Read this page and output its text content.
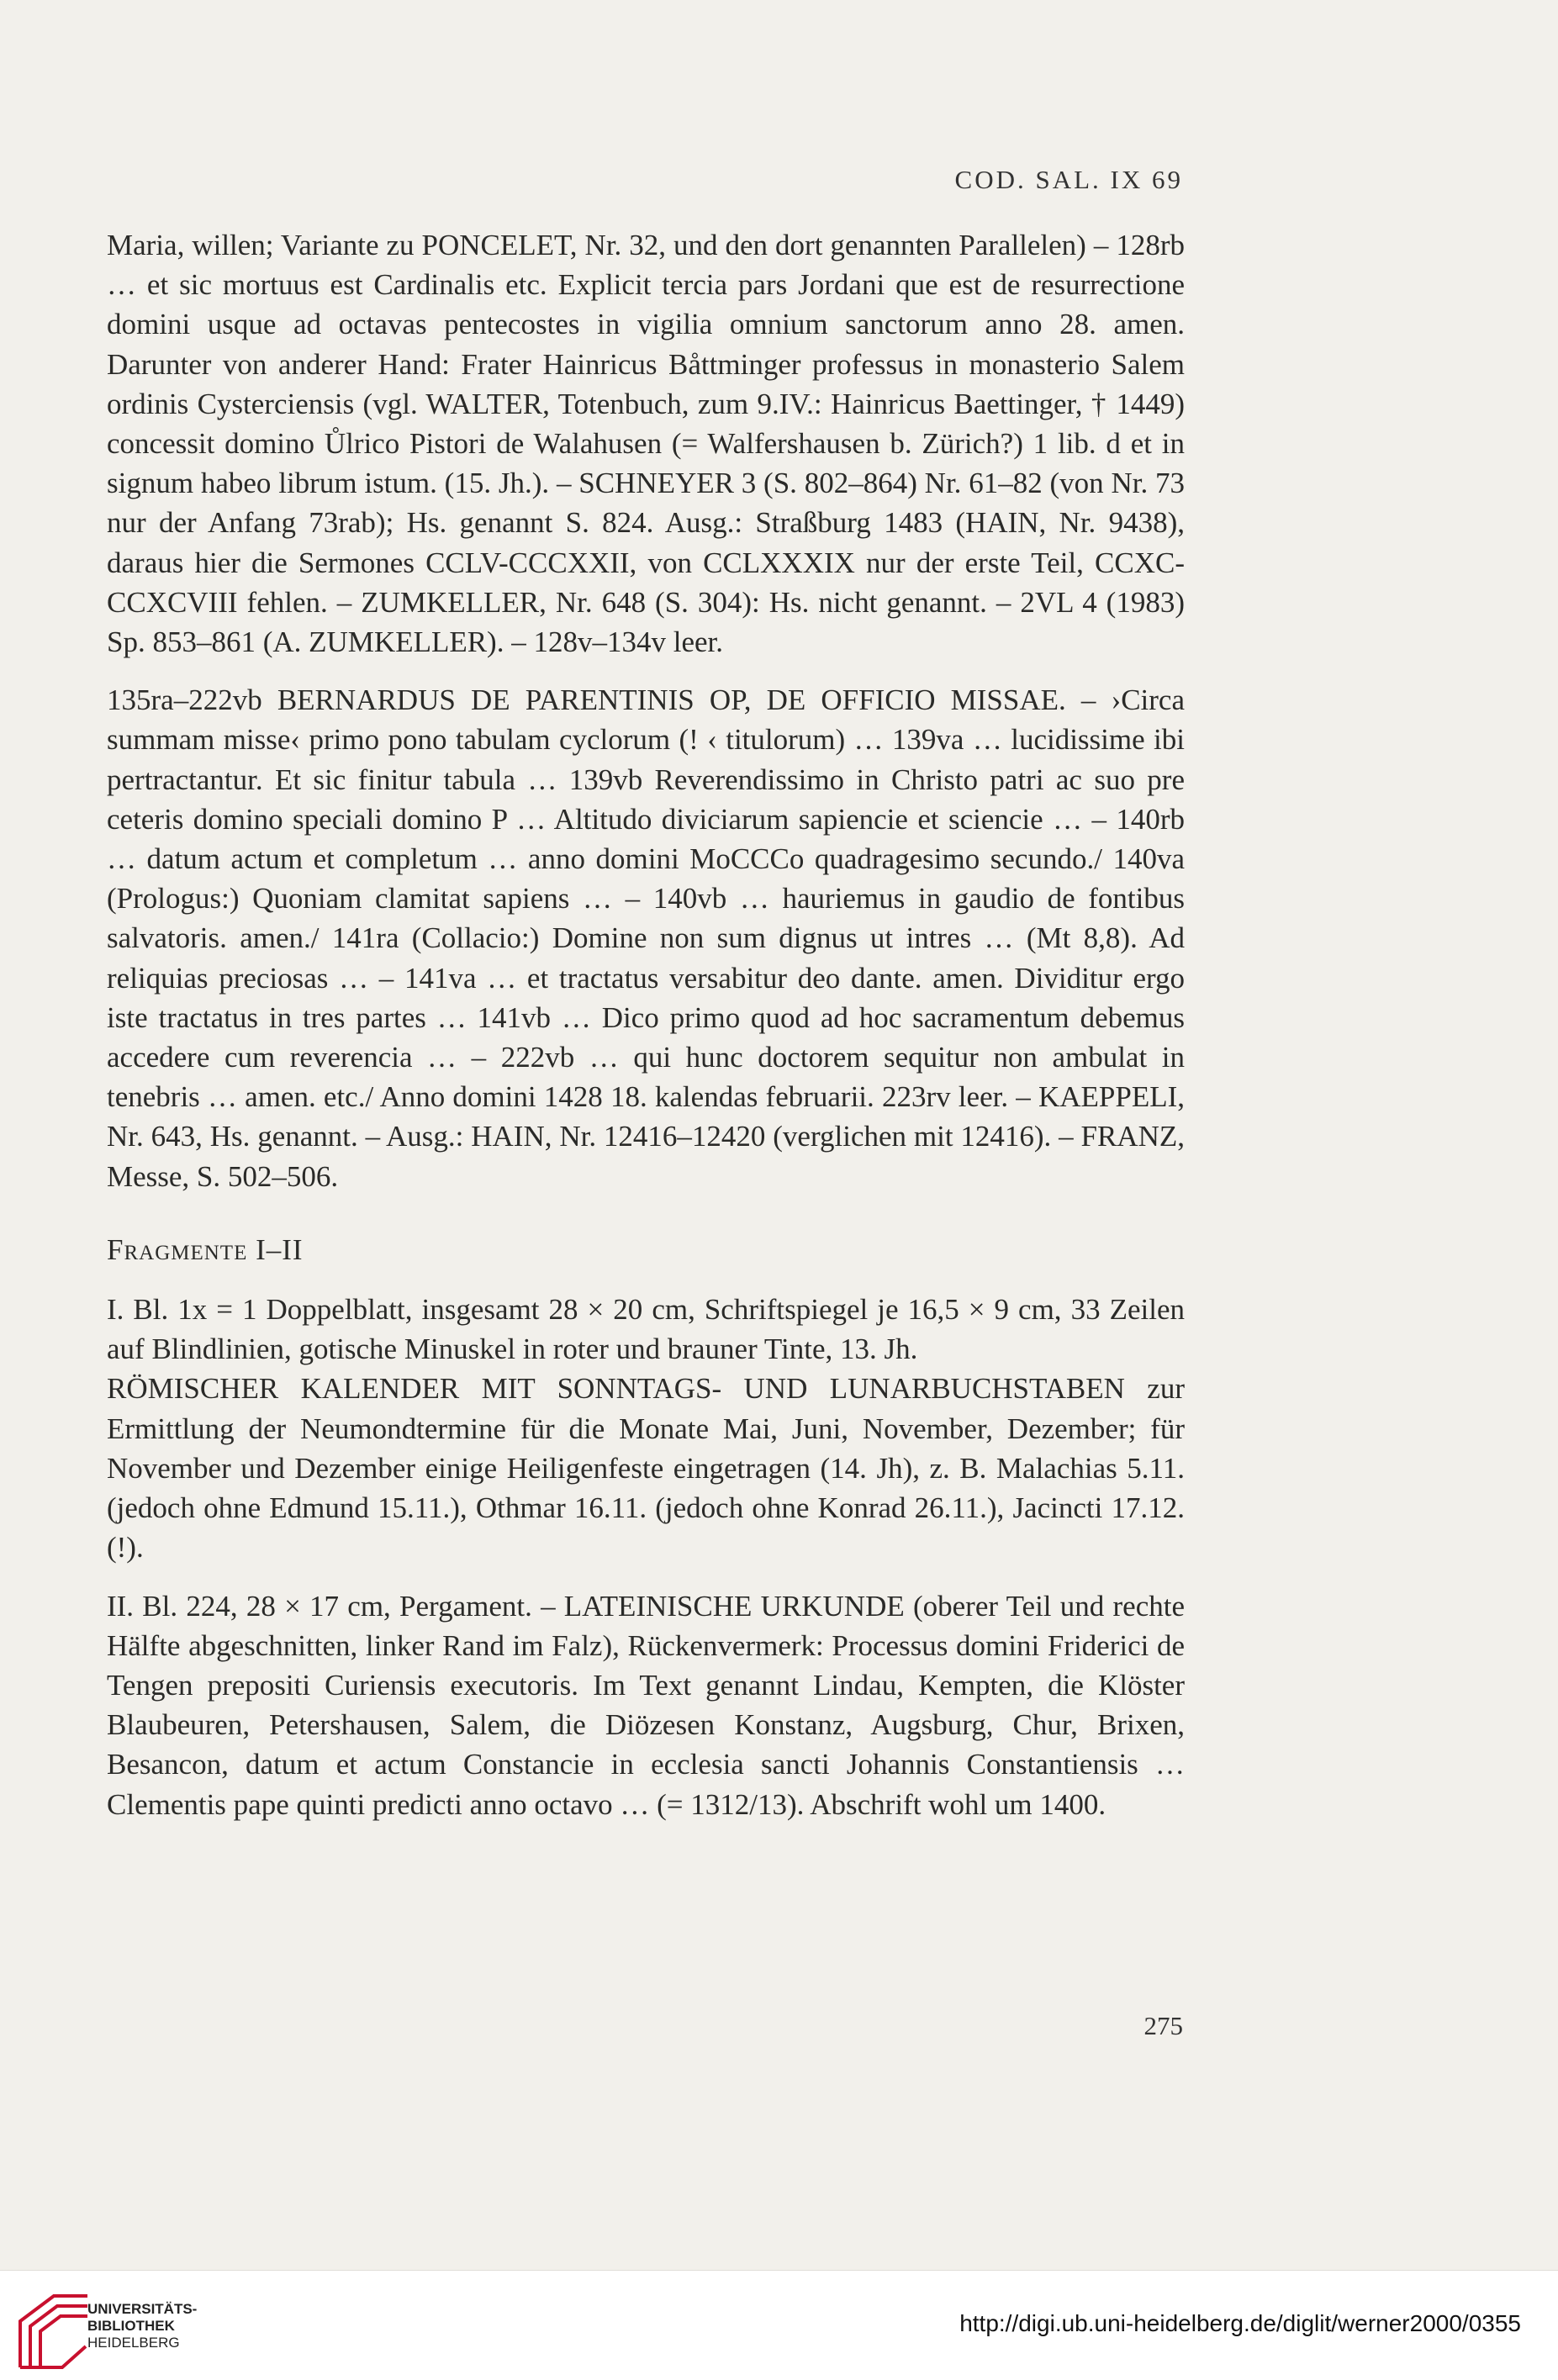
COD. SAL. IX 69

Maria, willen; Variante zu PONCELET, Nr. 32, und den dort genannten Parallelen) – 128rb … et sic mortuus est Cardinalis etc. Explicit tercia pars Jordani que est de resurrectione domini usque ad octavas pentecostes in vigilia omnium sanctorum anno 28. amen. Darunter von anderer Hand: Frater Hainricus Båttminger professus in monasterio Salem ordinis Cysterciensis (vgl. WALTER, Totenbuch, zum 9.IV.: Hainricus Baettinger, † 1449) concessit domino Ůlrico Pistori de Walahusen (= Walfershausen b. Zürich?) 1 lib. d et in signum habeo librum istum. (15. Jh.). – SCHNEYER 3 (S. 802–864) Nr. 61–82 (von Nr. 73 nur der Anfang 73rab); Hs. genannt S. 824. Ausg.: Straßburg 1483 (HAIN, Nr. 9438), daraus hier die Sermones CCLV-CCCXXII, von CCLXXXIX nur der erste Teil, CCXC-CCXCVIII fehlen. – ZUMKELLER, Nr. 648 (S. 304): Hs. nicht genannt. – 2VL 4 (1983) Sp. 853–861 (A. ZUMKELLER). – 128v–134v leer.

135ra–222vb BERNARDUS DE PARENTINIS OP, DE OFFICIO MISSAE. – ›Circa summam misse‹ primo pono tabulam cyclorum (! ‹ titulorum) … 139va … lucidissime ibi pertractantur. Et sic finitur tabula … 139vb Reverendissimo in Christo patri ac suo pre ceteris domino speciali domino P … Altitudo diviciarum sapiencie et sciencie … – 140rb … datum actum et completum … anno domini MoCCCo quadragesimo secundo./ 140va (Prologus:) Quoniam clamitat sapiens … – 140vb … hauriemus in gaudio de fontibus salvatoris. amen./ 141ra (Collacio:) Domine non sum dignus ut intres … (Mt 8,8). Ad reliquias preciosas … – 141va … et tractatus versabitur deo dante. amen. Dividitur ergo iste tractatus in tres partes … 141vb … Dico primo quod ad hoc sacramentum debemus accedere cum reverencia … – 222vb … qui hunc doctorem sequitur non ambulat in tenebris … amen. etc./ Anno domini 1428 18. kalendas februarii. 223rv leer. – KAEPPELI, Nr. 643, Hs. genannt. – Ausg.: HAIN, Nr. 12416–12420 (verglichen mit 12416). – FRANZ, Messe, S. 502–506.

Fragmente I–II

I. Bl. 1x = 1 Doppelblatt, insgesamt 28 × 20 cm, Schriftspiegel je 16,5 × 9 cm, 33 Zeilen auf Blindlinien, gotische Minuskel in roter und brauner Tinte, 13. Jh.

RÖMISCHER KALENDER MIT SONNTAGS- UND LUNARBUCHSTABEN zur Ermittlung der Neumondtermine für die Monate Mai, Juni, November, Dezember; für November und Dezember einige Heiligenfeste eingetragen (14. Jh), z. B. Malachias 5.11. (jedoch ohne Edmund 15.11.), Othmar 16.11. (jedoch ohne Konrad 26.11.), Jacincti 17.12.(!).

II. Bl. 224, 28 × 17 cm, Pergament. – LATEINISCHE URKUNDE (oberer Teil und rechte Hälfte abgeschnitten, linker Rand im Falz), Rückenvermerk: Processus domini Friderici de Tengen prepositi Curiensis executoris. Im Text genannt Lindau, Kempten, die Klöster Blaubeuren, Petershausen, Salem, die Diözesen Konstanz, Augsburg, Chur, Brixen, Besancon, datum et actum Constancie in ecclesia sancti Johannis Constantiensis … Clementis pape quinti predicti anno octavo … (= 1312/13). Abschrift wohl um 1400.

275
UNIVERSITÄTS-
BIBLIOTHEK
HEIDELBERG
http://digi.ub.uni-heidelberg.de/diglit/werner2000/0355
